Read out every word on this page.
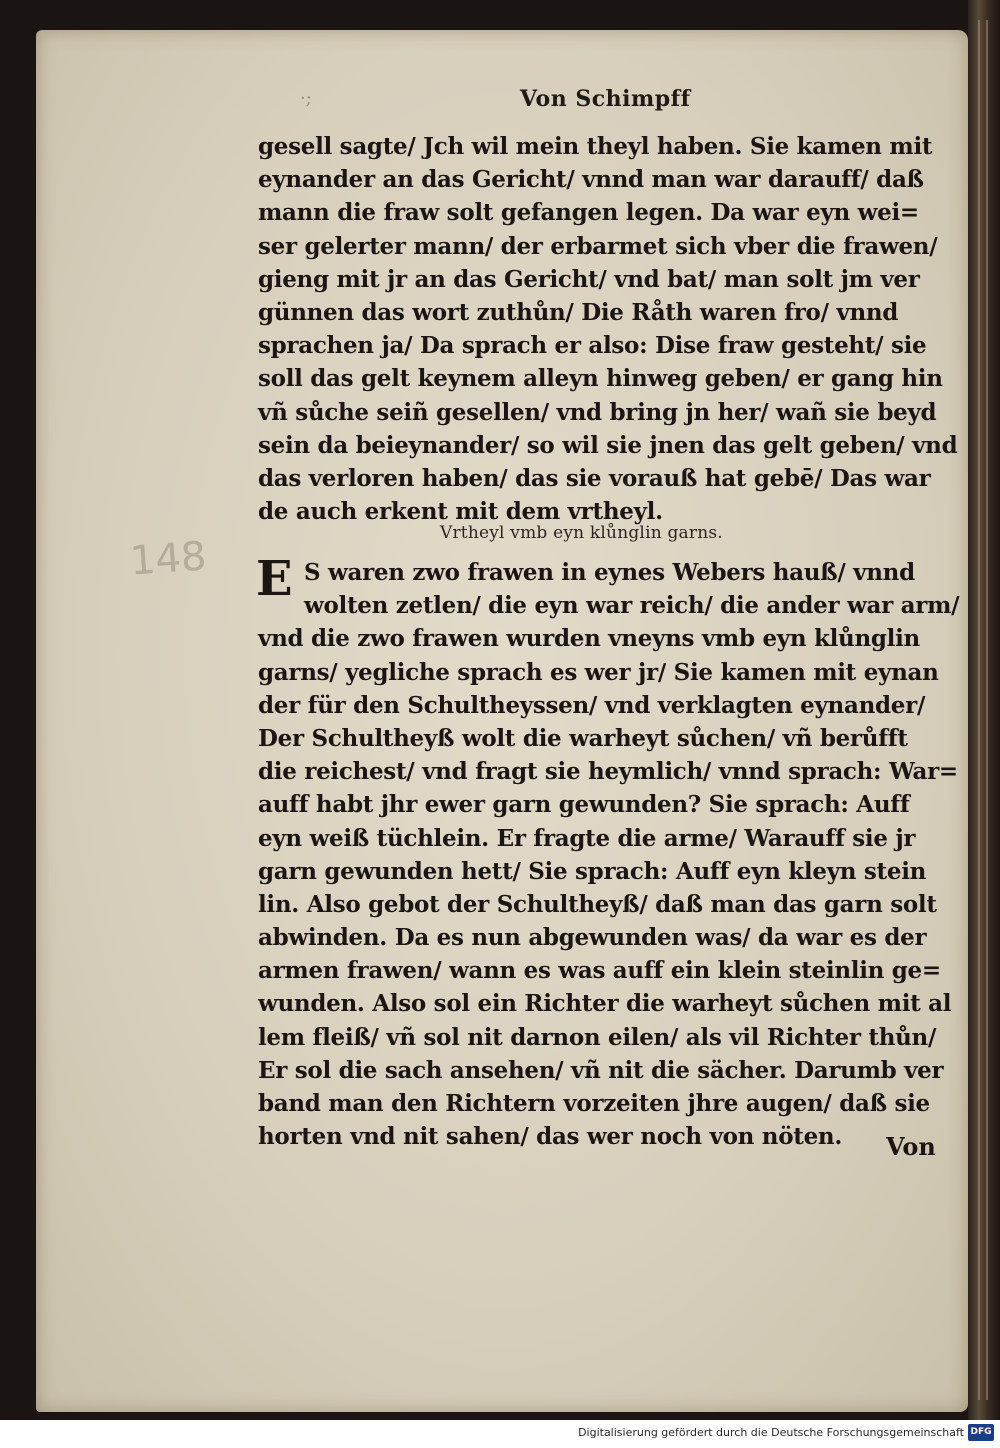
·;	Von Schimpff
148
gesell sagte/ Jch wil mein theyl haben. Sie kamen mit
eynander an das Gericht/ vnnd man war darauff/ daß
mann die fraw solt gefangen legen. Da war eyn wei=
ser gelerter mann/ der erbarmet sich vber die frawen/
gieng mit jr an das Gericht/ vnd bat/ man solt jm ver
günnen das wort zuthůn/ Die Råth waren fro/ vnnd
sprachen ja/ Da sprach er also: Dise fraw gesteht/ sie
soll das gelt keynem alleyn hinweg geben/ er gang hin
vñ sůche seiñ gesellen/ vnd bring jn her/ wañ sie beyd
sein da beieynander/ so wil sie jnen das gelt geben/ vnd
das verloren haben/ das sie vorauß hat gebē/ Das war
de auch erkent mit dem vrtheyl.
Vrtheyl vmb eyn klůnglin garns.
E S waren zwo frawen in eynes Webers hauß/ vnnd
wolten zetlen/ die eyn war reich/ die ander war arm/
vnd die zwo frawen wurden vneyns vmb eyn klůnglin
garns/ yegliche sprach es wer jr/ Sie kamen mit eynan
der für den Schultheyssen/ vnd verklagten eynander/
Der Schultheyß wolt die warheyt sůchen/ vñ berůfft
die reichest/ vnd fragt sie heymlich/ vnnd sprach: War=
auff habt jhr ewer garn gewunden? Sie sprach: Auff
eyn weiß tüchlein. Er fragte die arme/ Warauff sie jr
garn gewunden hett/ Sie sprach: Auff eyn kleyn stein
lin. Also gebot der Schultheyß/ daß man das garn solt
abwinden. Da es nun abgewunden was/ da war es der
armen frawen/ wann es was auff ein klein steinlin ge=
wunden. Also sol ein Richter die warheyt sůchen mit al
lem fleiß/ vñ sol nit darnon eilen/ als vil Richter thůn/
Er sol die sach ansehen/ vñ nit die sächer. Darumb ver
band man den Richtern vorzeiten jhre augen/ daß sie
horten vnd nit sahen/ das wer noch von nöten.	Von
Digitalisierung gefördert durch die Deutsche Forschungsgemeinschaft DFG
